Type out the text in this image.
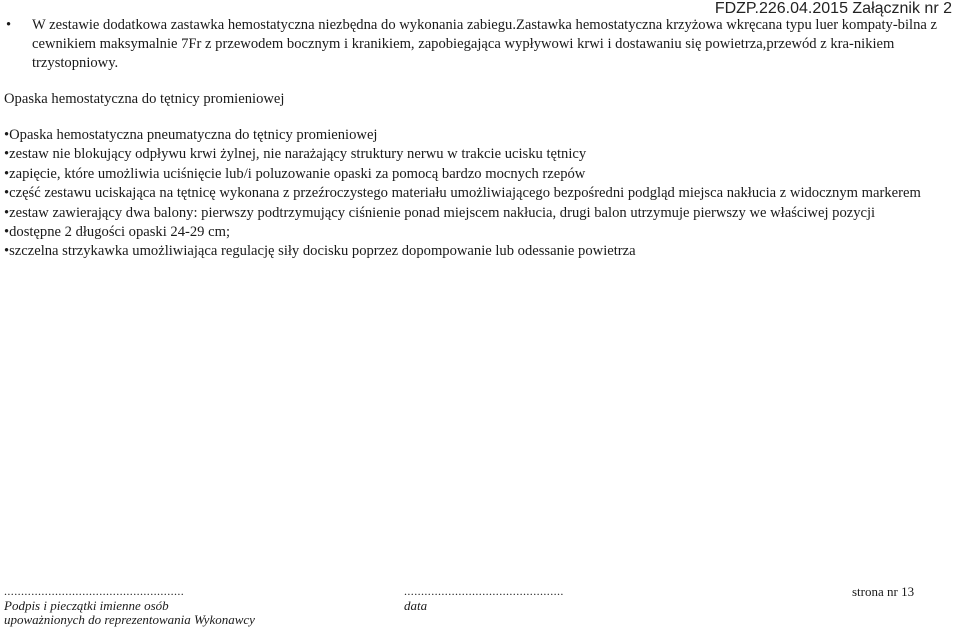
FDZP.226.04.2015 Załącznik nr 2
•	W zestawie dodatkowa zastawka hemostatyczna niezbędna do wykonania zabiegu.Zastawka hemostatyczna krzyżowa wkręcana typu luer kompaty-bilna z cewnikiem maksymalnie 7Fr z przewodem bocznym i kranikiem, zapobiegająca wypływowi krwi i dostawaniu się powietrza,przewód z kra-nikiem trzystopniowy.
Opaska hemostatyczna do tętnicy promieniowej
•Opaska hemostatyczna pneumatyczna do tętnicy promieniowej
•zestaw nie blokujący odpływu krwi żylnej, nie narażający struktury nerwu w trakcie ucisku tętnicy
•zapięcie, które umożliwia uciśnięcie lub/i poluzowanie opaski za pomocą bardzo mocnych rzepów
•część zestawu uciskająca na tętnicę wykonana z przeźroczystego materiału umożliwiającego bezpośredni podgląd miejsca nakłucia z widocznym markerem
•zestaw zawierający dwa balony: pierwszy podtrzymujący ciśnienie ponad miejscem nakłucia, drugi balon utrzymuje pierwszy we właściwej pozycji
•dostępne 2 długości opaski 24-29 cm;
•szczelna strzykawka umożliwiająca regulację siły docisku poprzez dopompowanie lub odessanie powietrza
.....................................................
Podpis i pieczątki imienne osób
upoważnionych do reprezentowania Wykonawcy
...............................................
data
strona nr 13
